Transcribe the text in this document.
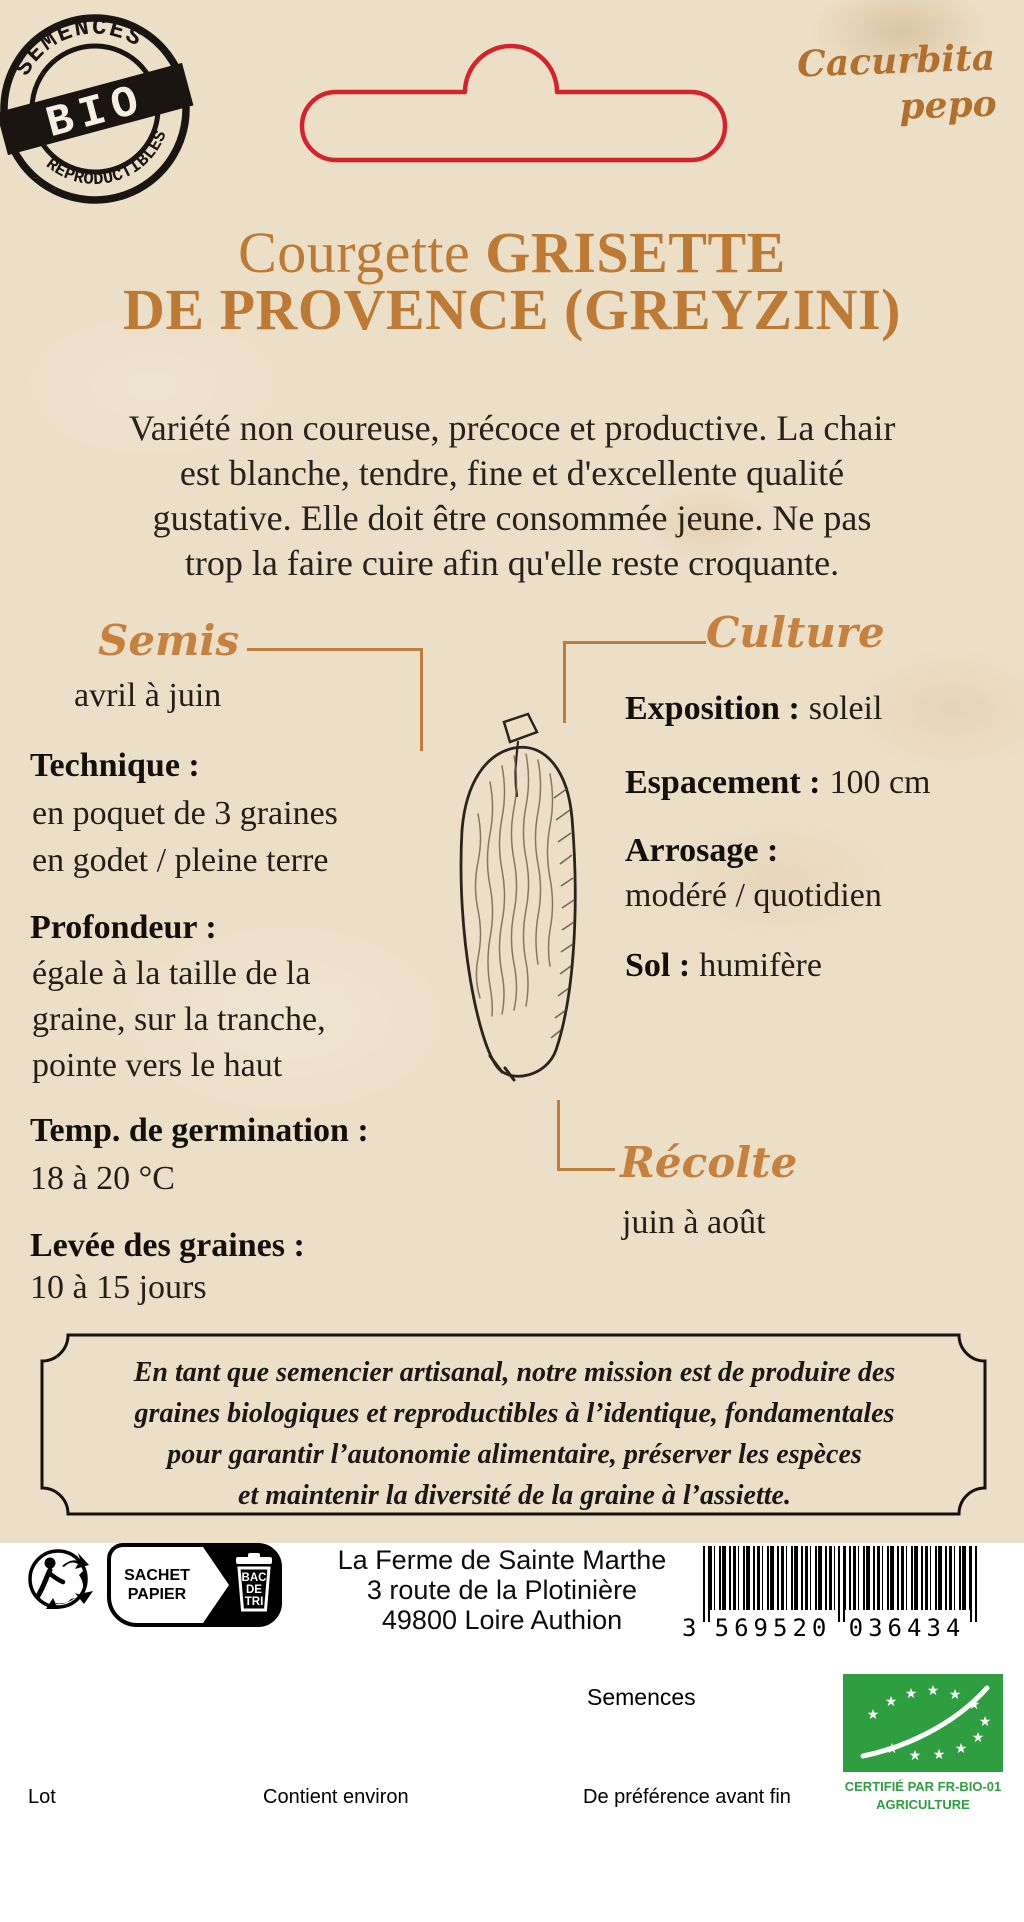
BIO
SEMENCES
REPRODUCTIBLES
Cacurbita
pepo
Courgette GRISETTE
DE PROVENCE (GREYZINI)
Variété non coureuse, précoce et productive. La chair
est blanche, tendre, fine et d'excellente qualité
gustative. Elle doit être consommée jeune. Ne pas
trop la faire cuire afin qu'elle reste croquante.
Semis
avril à juin
Technique :
en poquet de 3 graines
en godet / pleine terre
Profondeur :
égale à la taille de la
graine, sur la tranche,
pointe vers le haut
Temp. de germination :
18 à 20 °C
Levée des graines :
10 à 15 jours
Culture
Exposition : soleil
Espacement : 100 cm
Arrosage :
modéré / quotidien
Sol : humifère
Récolte
juin à août
En tant que semencier artisanal, notre mission est de produire des
graines biologiques et reproductibles à l’identique, fondamentales
pour garantir l’autonomie alimentaire, préserver les espèces
et maintenir la diversité de la graine à l’assiette.
SACHET
PAPIER
BAC
DE
TRI
La Ferme de Sainte Marthe
3 route de la Plotinière
49800 Loire Authion	3 569520 036434
Semences
★
★ ★ ★ ★
★
★
★
★
★
★
★
CERTIFIÉ PAR FR-BIO-01
AGRICULTURE
Lot	Contient environ	De préférence avant fin
